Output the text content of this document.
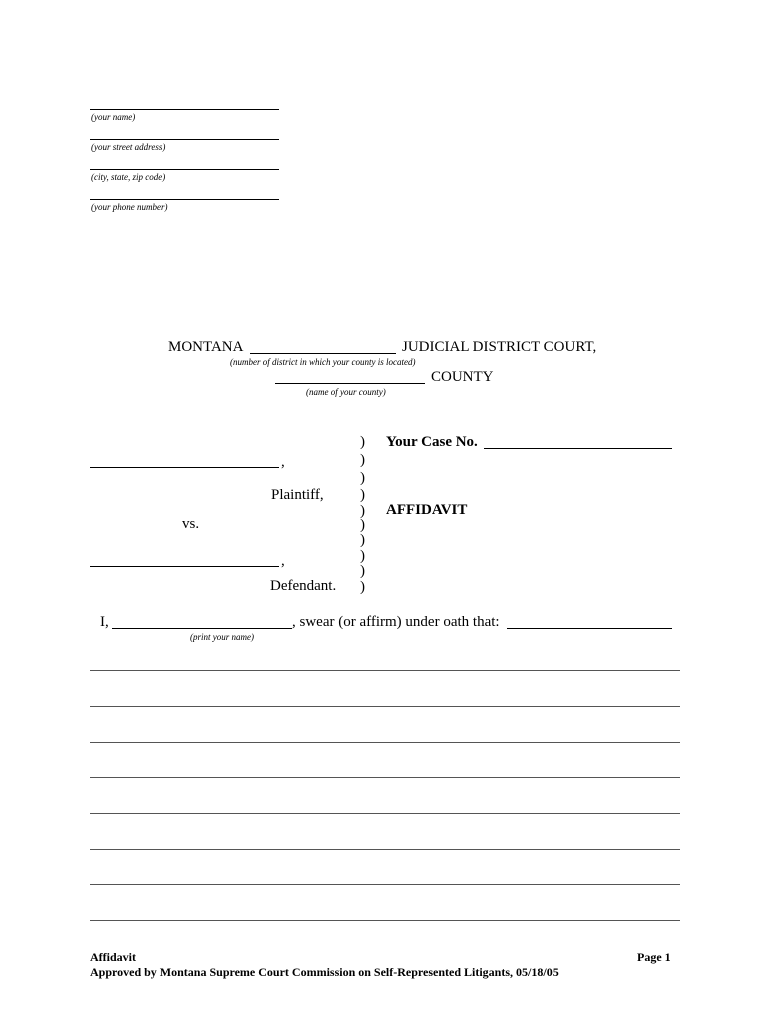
(your name)
(your street address)
(city, state, zip code)
(your phone number)
MONTANA	JUDICIAL DISTRICT COURT,
(number of district in which your county is located)
COUNTY
(name of your county)
,
Plaintiff,
vs.
,
Defendant.
)
)
)
)
)
)
)
)
)
)
Your Case No.
AFFIDAVIT
I,	, swear (or affirm) under oath that:
(print your name)
Affidavit
Approved by Montana Supreme Court Commission on Self-Represented Litigants, 05/18/05
Page 1
